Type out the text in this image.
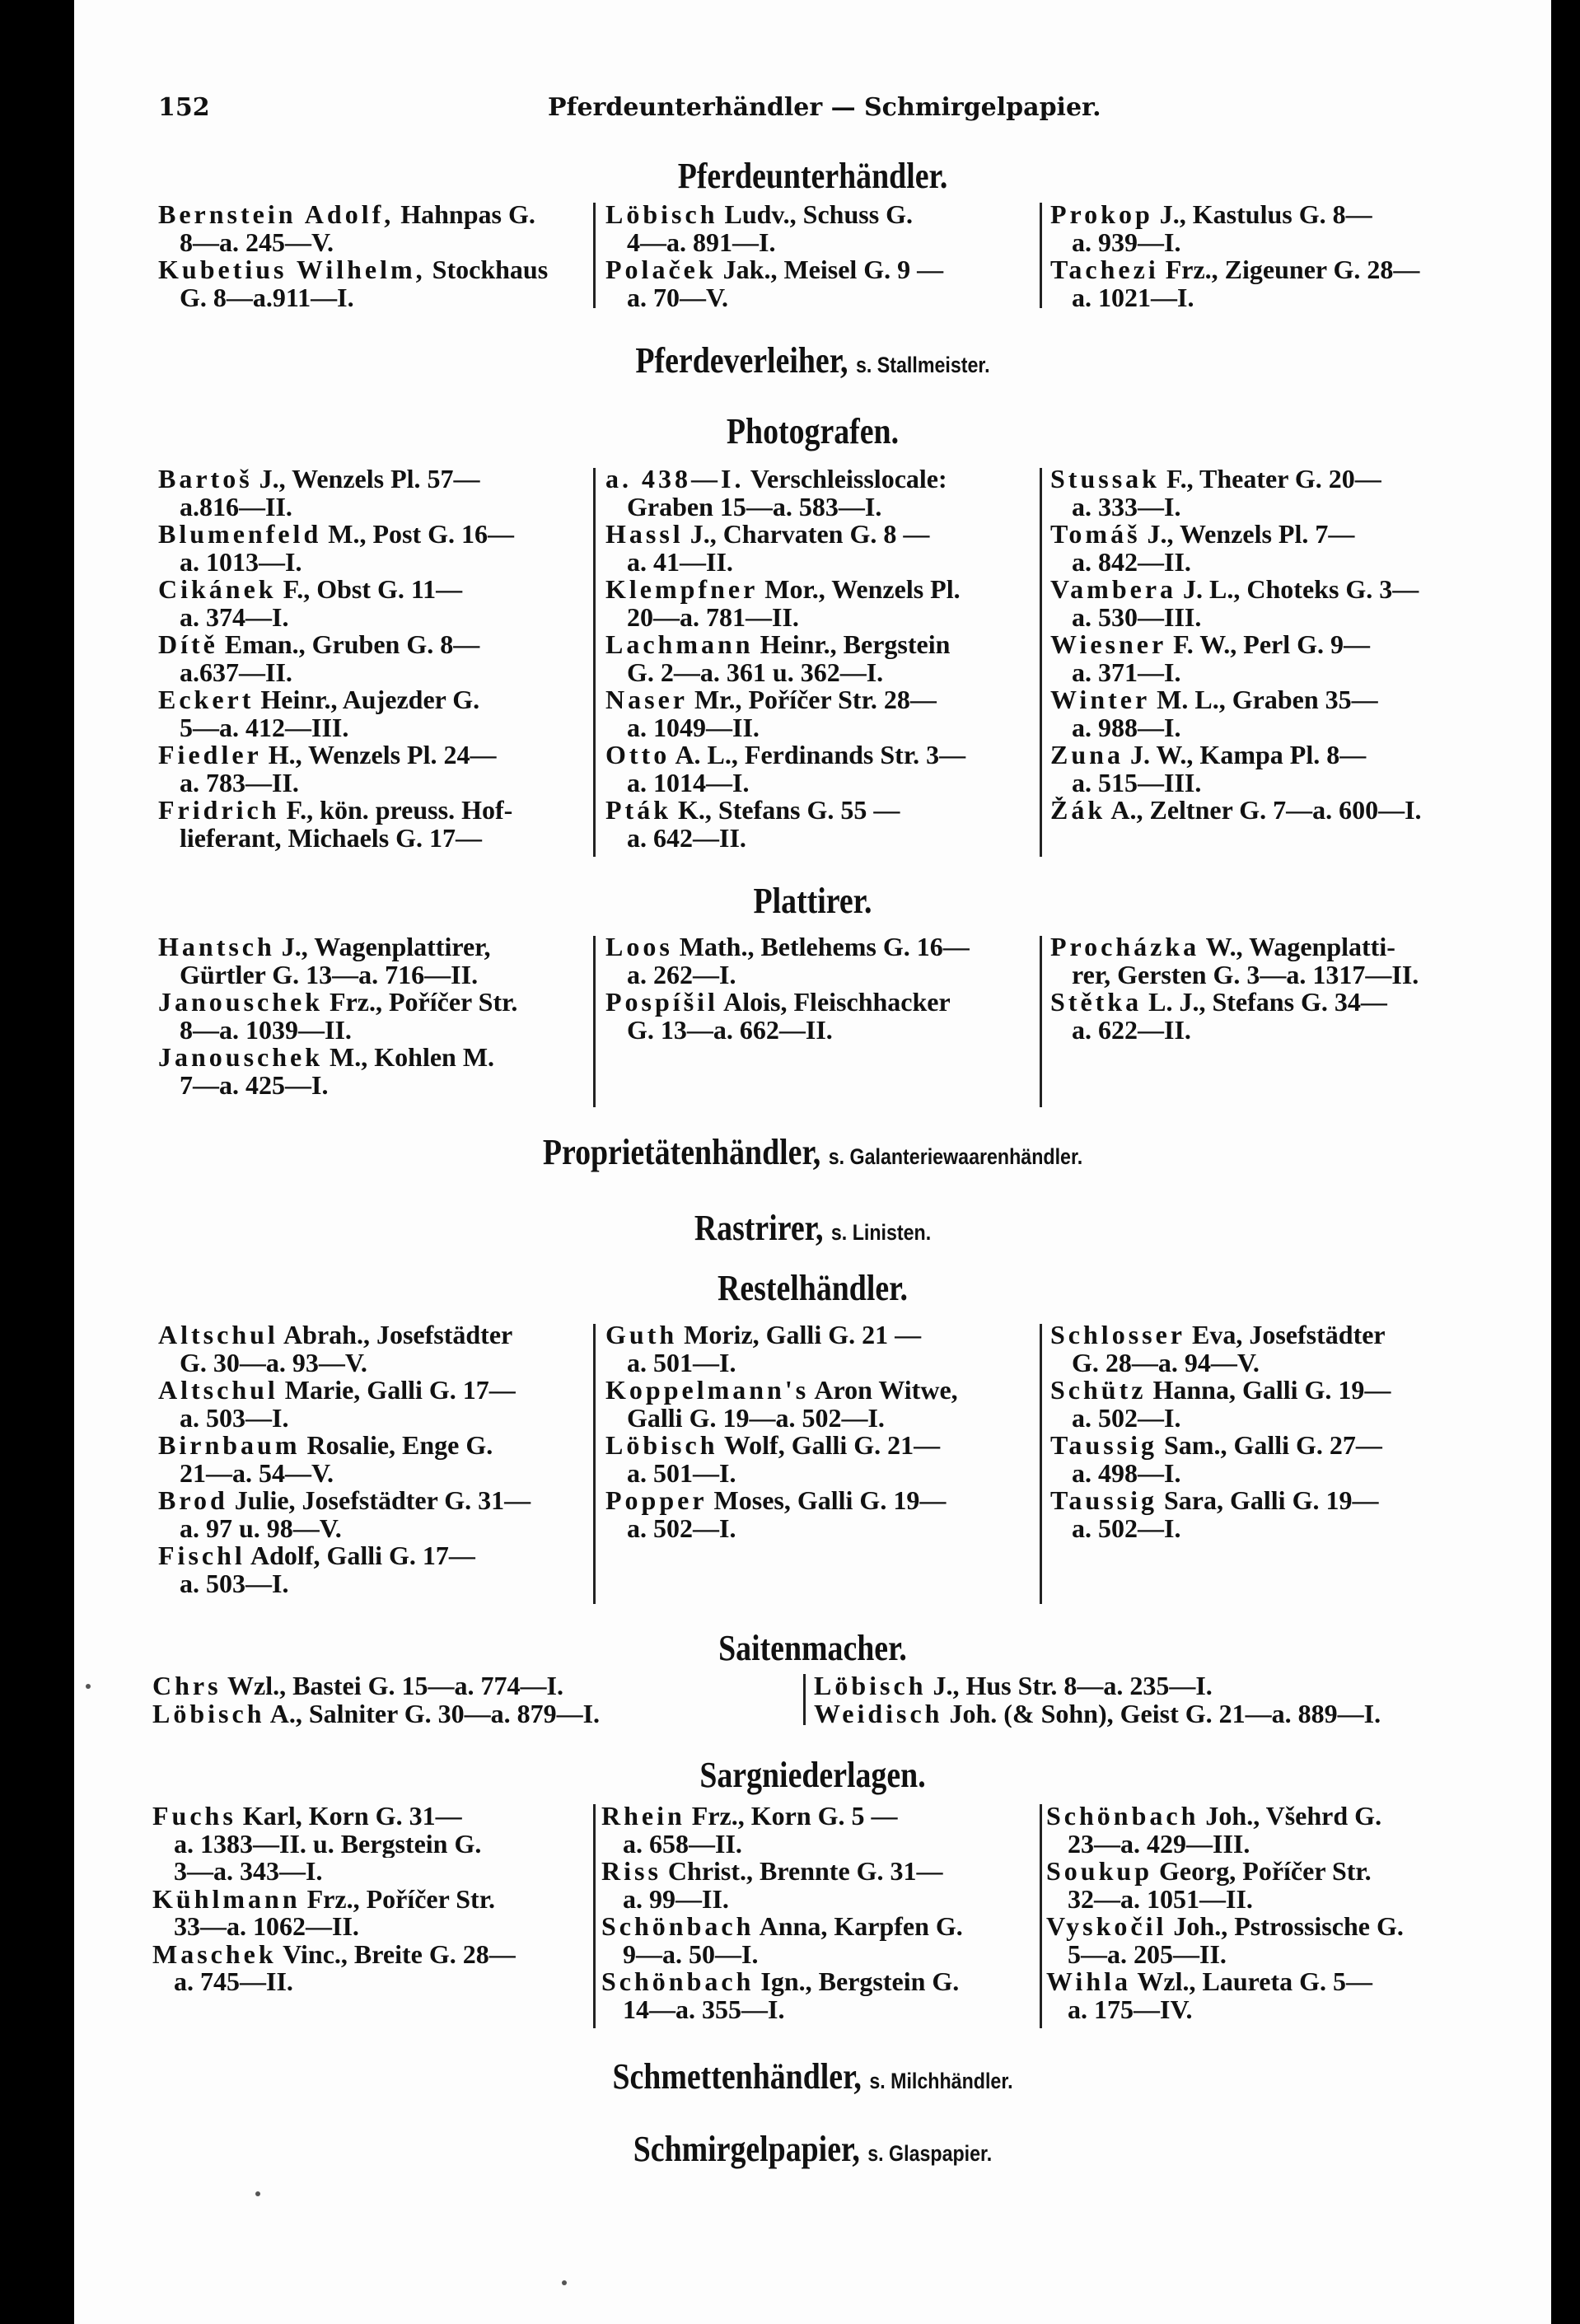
152	Pferdeunterhändler — Schmirgelpapier.
Pferdeunterhändler.

Bernstein Adolf, Hahnpas G.
8—a. 245—V.

Kubetius Wilhelm, Stockhaus
G. 8—a.911—I.

Löbisch Ludv., Schuss G.
4—a. 891—I.

Polaček Jak., Meisel G. 9 —
a. 70—V.

Prokop J., Kastulus G. 8—
a. 939—I.

Tachezi Frz., Zigeuner G. 28—
a. 1021—I.

Pferdeverleiher, s. Stallmeister.
Photografen.

Bartoš J., Wenzels Pl. 57—
a.816—II.

Blumenfeld M., Post G. 16—
a. 1013—I.

Cikánek F., Obst G. 11—
a. 374—I.

Dítě Eman., Gruben G. 8—
a.637—II.

Eckert Heinr., Aujezder G.
5—a. 412—III.

Fiedler H., Wenzels Pl. 24—
a. 783—II.

Fridrich F., kön. preuss. Hof-
lieferant, Michaels G. 17—

a. 438—I. Verschleisslocale:
Graben 15—a. 583—I.

Hassl J., Charvaten G. 8 —
a. 41—II.

Klempfner Mor., Wenzels Pl.
20—a. 781—II.

Lachmann Heinr., Bergstein
G. 2—a. 361 u. 362—I.

Naser Mr., Poříčer Str. 28—
a. 1049—II.

Otto A. L., Ferdinands Str. 3—
a. 1014—I.

Pták K., Stefans G. 55 —
a. 642—II.

Stussak F., Theater G. 20—
a. 333—I.

Tomáš J., Wenzels Pl. 7—
a. 842—II.

Vambera J. L., Choteks G. 3—
a. 530—III.

Wiesner F. W., Perl G. 9—
a. 371—I.

Winter M. L., Graben 35—
a. 988—I.

Zuna J. W., Kampa Pl. 8—
a. 515—III.

Žák A., Zeltner G. 7—a. 600—I.

Plattirer.

Hantsch J., Wagenplattirer,
Gürtler G. 13—a. 716—II.

Janouschek Frz., Poříčer Str.
8—a. 1039—II.

Janouschek M., Kohlen M.
7—a. 425—I.

Loos Math., Betlehems G. 16—
a. 262—I.

Pospíšil Alois, Fleischhacker
G. 13—a. 662—II.

Procházka W., Wagenplatti-
rer, Gersten G. 3—a. 1317—II.

Stětka L. J., Stefans G. 34—
a. 622—II.

Proprietätenhändler, s. Galanteriewaarenhändler.
Rastrirer, s. Linisten.
Restelhändler.

Altschul Abrah., Josefstädter
G. 30—a. 93—V.

Altschul Marie, Galli G. 17—
a. 503—I.

Birnbaum Rosalie, Enge G.
21—a. 54—V.

Brod Julie, Josefstädter G. 31—
a. 97 u. 98—V.

Fischl Adolf, Galli G. 17—
a. 503—I.

Guth Moriz, Galli G. 21 —
a. 501—I.

Koppelmann's Aron Witwe,
Galli G. 19—a. 502—I.

Löbisch Wolf, Galli G. 21—
a. 501—I.

Popper Moses, Galli G. 19—
a. 502—I.

Schlosser Eva, Josefstädter
G. 28—a. 94—V.

Schütz Hanna, Galli G. 19—
a. 502—I.

Taussig Sam., Galli G. 27—
a. 498—I.

Taussig Sara, Galli G. 19—
a. 502—I.

Saitenmacher.

Chrs Wzl., Bastei G. 15—a. 774—I.

Löbisch A., Salniter G. 30—a. 879—I.

Löbisch J., Hus Str. 8—a. 235—I.

Weidisch Joh. (& Sohn), Geist G. 21—a. 889—I.

Sargniederlagen.

Fuchs Karl, Korn G. 31—
a. 1383—II. u. Bergstein G.
3—a. 343—I.

Kühlmann Frz., Poříčer Str.
33—a. 1062—II.

Maschek Vinc., Breite G. 28—
a. 745—II.

Rhein Frz., Korn G. 5 —
a. 658—II.

Riss Christ., Brennte G. 31—
a. 99—II.

Schönbach Anna, Karpfen G.
9—a. 50—I.

Schönbach Ign., Bergstein G.
14—a. 355—I.

Schönbach Joh., Všehrd G.
23—a. 429—III.

Soukup Georg, Poříčer Str.
32—a. 1051—II.

Vyskočil Joh., Pstrossische G.
5—a. 205—II.

Wihla Wzl., Laureta G. 5—
a. 175—IV.

Schmettenhändler, s. Milchhändler.
Schmirgelpapier, s. Glaspapier.
